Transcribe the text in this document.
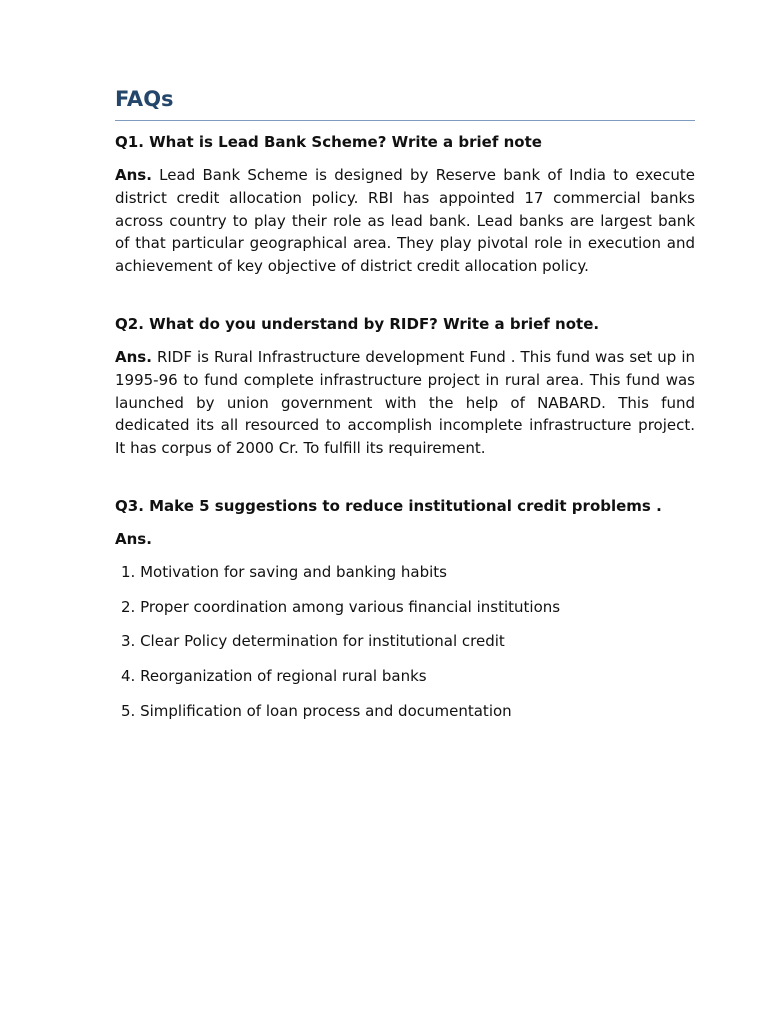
FAQs
Q1. What is Lead Bank Scheme? Write a brief note

Ans. Lead Bank Scheme is designed by Reserve bank of India to execute district credit allocation policy. RBI has appointed 17 commercial banks across country to play their role as lead bank. Lead banks are largest bank of that particular geographical area. They play pivotal role in execution and achievement of key objective of district credit allocation policy.

Q2. What do you understand by RIDF? Write a brief note.

Ans. RIDF is Rural Infrastructure development Fund . This fund was set up in 1995-96 to fund complete infrastructure project in rural area. This fund was launched by union government with the help of NABARD. This fund dedicated its all resourced to accomplish incomplete infrastructure project. It has corpus of 2000 Cr. To fulfill its requirement.

Q3. Make 5 suggestions to reduce institutional credit problems .
Ans.
1. Motivation for saving and banking habits
2. Proper coordination among various financial institutions
3. Clear Policy determination for institutional credit
4. Reorganization of regional rural banks
5. Simplification of loan process and documentation
